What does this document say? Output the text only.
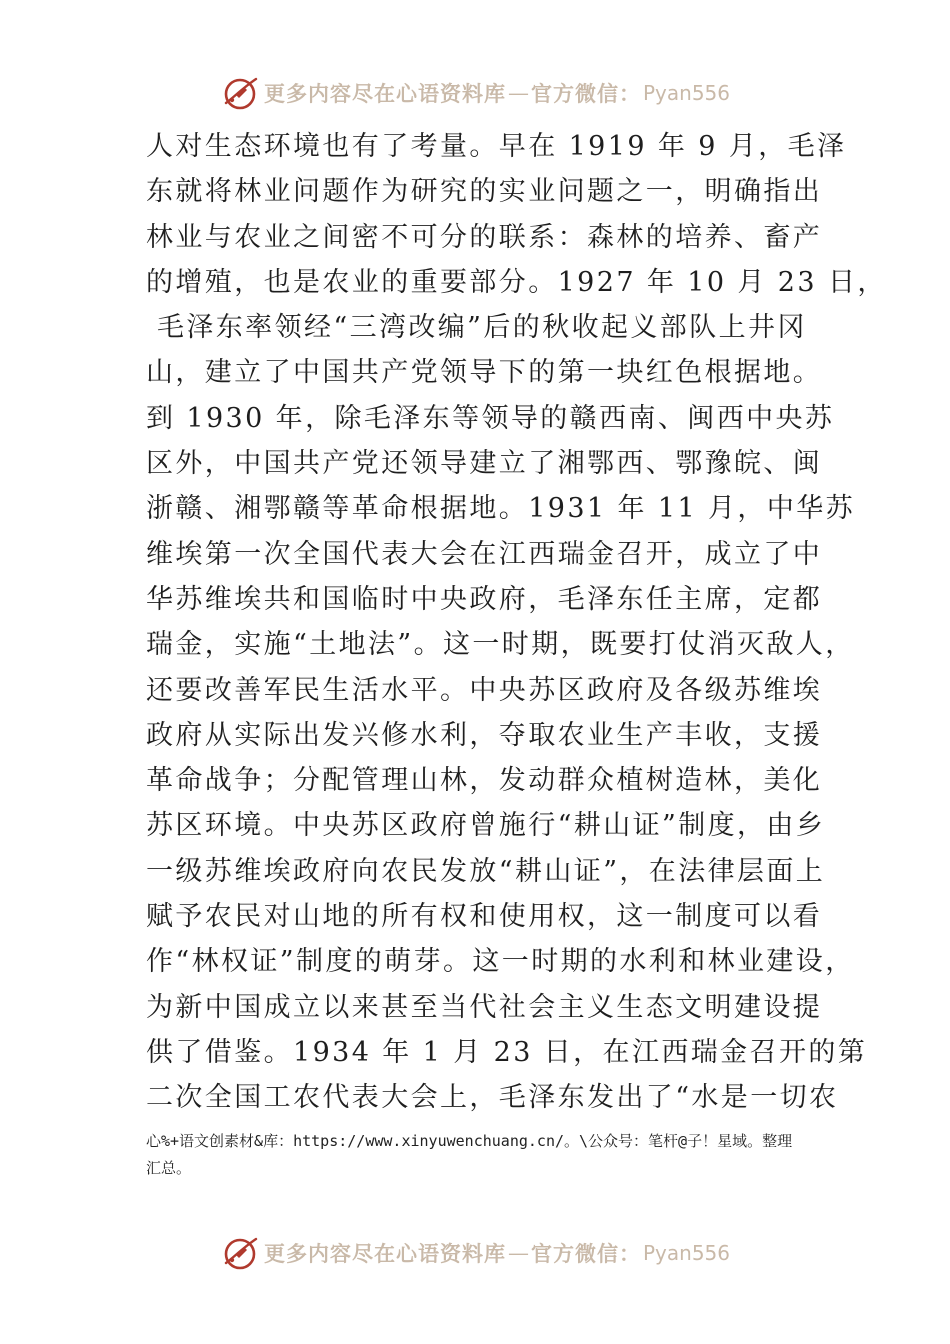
更多内容尽在心语资料库 — 官方微信： Pyan556
人对生态环境也有了考量。早在 1919 年 9 月，毛泽
东就将林业问题作为研究的实业问题之一，明确指出
林业与农业之间密不可分的联系：森林的培养、畜产
的增殖，也是农业的重要部分。1927 年 10 月 23 日，
毛泽东率领经“三湾改编”后的秋收起义部队上井冈
山，建立了中国共产党领导下的第一块红色根据地。
到 1930 年，除毛泽东等领导的赣西南、闽西中央苏
区外，中国共产党还领导建立了湘鄂西、鄂豫皖、闽
浙赣、湘鄂赣等革命根据地。1931 年 11 月，中华苏
维埃第一次全国代表大会在江西瑞金召开，成立了中
华苏维埃共和国临时中央政府，毛泽东任主席，定都
瑞金，实施“土地法”。这一时期，既要打仗消灭敌人，
还要改善军民生活水平。中央苏区政府及各级苏维埃
政府从实际出发兴修水利，夺取农业生产丰收，支援
革命战争；分配管理山林，发动群众植树造林，美化
苏区环境。中央苏区政府曾施行“耕山证”制度，由乡
一级苏维埃政府向农民发放“耕山证”，在法律层面上
赋予农民对山地的所有权和使用权，这一制度可以看
作“林权证”制度的萌芽。这一时期的水利和林业建设，
为新中国成立以来甚至当代社会主义生态文明建设提
供了借鉴。1934 年 1 月 23 日，在江西瑞金召开的第
二次全国工农代表大会上，毛泽东发出了“水是一切农
心%+语文创素材&库：https://www.xinyuwenchuang.cn/。\公众号：笔杆@子！星域。整理
汇总。
更多内容尽在心语资料库 — 官方微信： Pyan556
